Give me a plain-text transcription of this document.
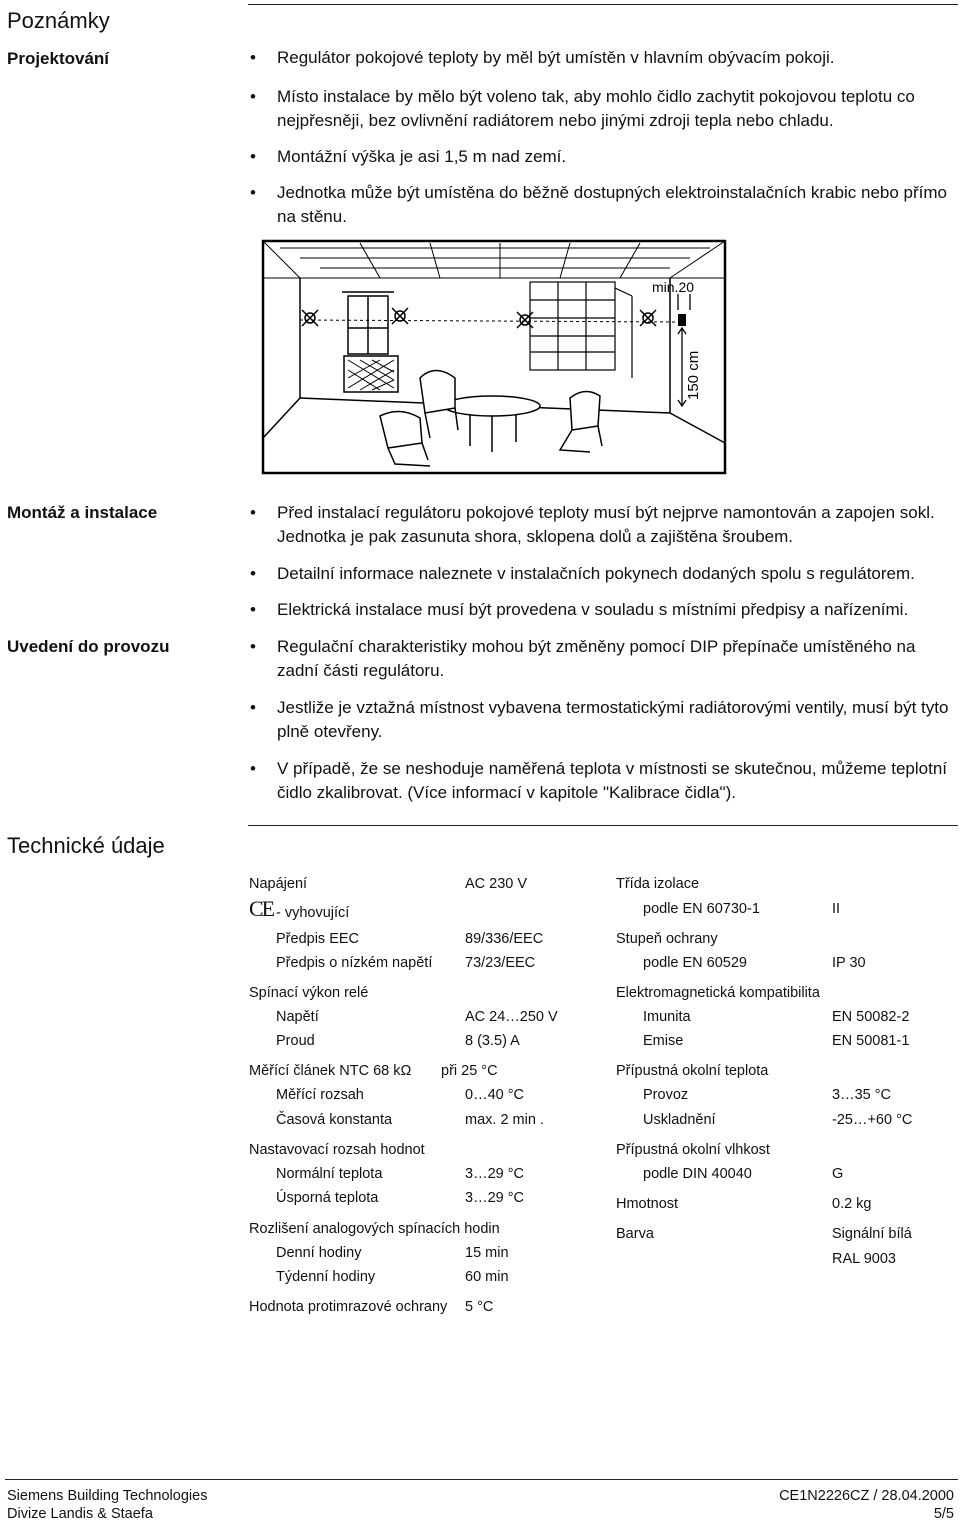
Poznámky
Projektování	• Regulátor pokojové teploty by měl být umístěn v hlavním obývacím pokoji.
• Místo instalace by mělo být voleno tak, aby mohlo čidlo zachytit pokojovou teplotu co nejpřesněji, bez ovlivnění radiátorem nebo jinými zdroji tepla nebo chladu.
• Montážní výška je asi 1,5 m nad zemí.
• Jednotka může být umístěna do běžně dostupných elektroinstalačních krabic nebo přímo na stěnu.
min.20
150 cm
Montáž a instalace	• Před instalací regulátoru pokojové teploty musí být nejprve namontován a zapojen sokl. Jednotka je pak zasunuta shora, sklopena dolů a zajištěna šroubem.
• Detailní informace naleznete v instalačních pokynech dodaných spolu s regulátorem.
• Elektrická instalace musí být provedena v souladu s místními předpisy a nařízeními.
Uvedení do provozu	• Regulační charakteristiky mohou být změněny pomocí DIP přepínače umístěného na zadní části regulátoru.
• Jestliže je vztažná místnost vybavena termostatickými radiátorovými ventily, musí být tyto plně otevřeny.
• V případě, že se neshoduje naměřená teplota v místnosti se skutečnou, můžeme teplotní čidlo zkalibrovat. (Více informací v kapitole "Kalibrace čidla").
Technické údaje
Napájení	AC 230 V
CE - vyhovující
Předpis EEC	89/336/EEC
Předpis o nízkém napětí 73/23/EEC
Spínací výkon relé
Napětí	AC 24…250 V
Proud	8 (3.5) A
Měřící článek NTC 68 kΩ při 25 °C
Měřící rozsah	0…40 °C
Časová konstanta	max. 2 min .
Nastavovací rozsah hodnot
Normální teplota	3…29 °C
Úsporná teplota	3…29 °C
Rozlišení analogových spínacích hodin
Denní hodiny	15 min
Týdenní hodiny	60 min
Hodnota protimrazové ochrany 5 °C
Třída izolace
podle EN 60730-1	II
Stupeň ochrany
podle EN 60529	IP 30
Elektromagnetická kompatibilita
Imunita	EN 50082-2
Emise	EN 50081-1
Přípustná okolní teplota
Provoz	3…35 °C
Uskladnění	-25…+60 °C
Přípustná okolní vlhkost
podle DIN 40040	G
Hmotnost	0.2 kg
Barva	Signální bílá
RAL 9003
Siemens Building Technologies
Divize Landis & Staefa
CE1N2226CZ / 28.04.2000
5/5
